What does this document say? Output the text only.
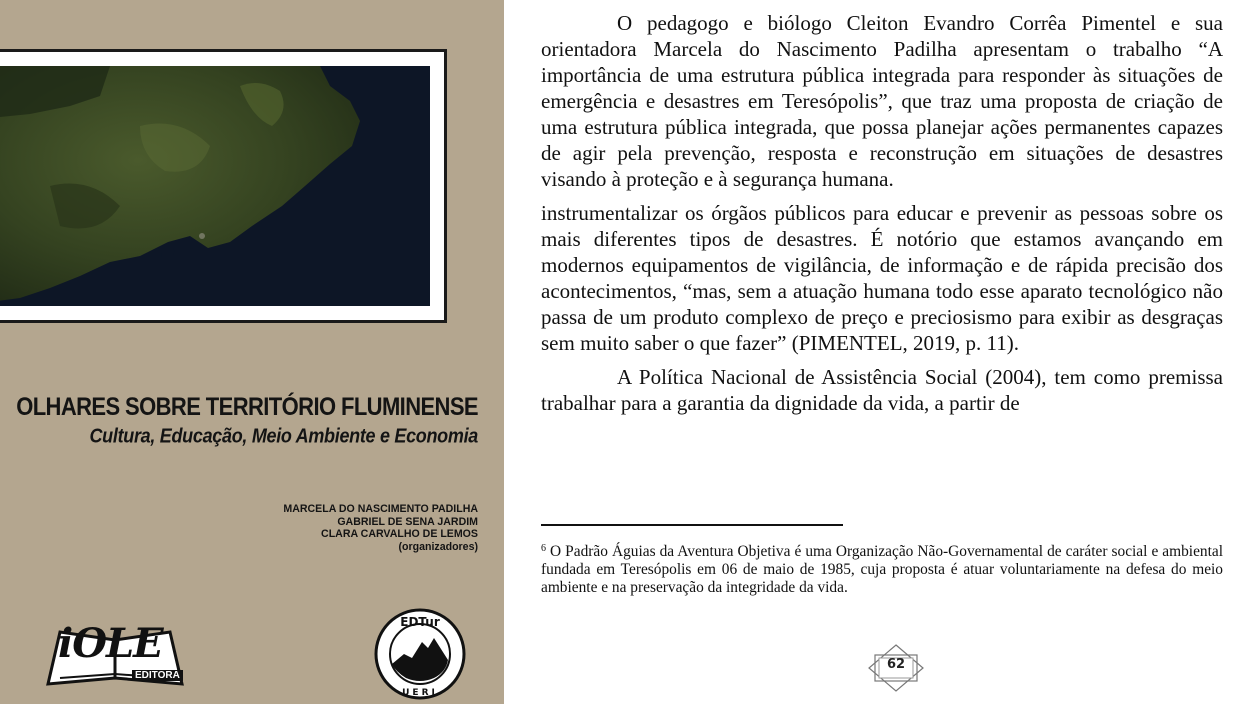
OLHARES SOBRE TERRITÓRIO FLUMINENSE
Cultura, Educação, Meio Ambiente e Economia
MARCELA DO NASCIMENTO PADILHA
GABRIEL DE SENA JARDIM
CLARA CARVALHO DE LEMOS
(organizadores)
iOLE
EDITORA
EDTur
UERJ

O pedagogo e biólogo Cleiton Evandro Corrêa Pimentel e sua orientadora Marcela do Nascimento Padilha apresentam o trabalho “A importância de uma estrutura pública integrada para responder às situações de emergência e desastres em Teresópolis”, que traz uma proposta de criação de uma estrutura pública integrada, que possa planejar ações permanentes capazes de agir pela prevenção, resposta e reconstrução em situações de desastres visando à proteção e à segurança humana.

instrumentalizar os órgãos públicos para educar e prevenir as pessoas sobre os mais diferentes tipos de desastres. É notório que estamos avançando em modernos equipamentos de vigilância, de informação e de rápida precisão dos acontecimentos, “mas, sem a atuação humana todo esse aparato tecnológico não passa de um produto complexo de preço e preciosismo para exibir as desgraças sem muito saber o que fazer” (PIMENTEL, 2019, p. 11).

A Política Nacional de Assistência Social (2004), tem como premissa trabalhar para a garantia da dignidade da vida, a partir de

$^6$ O Padrão Águias da Aventura Objetiva é uma Organização Não-Governamental de caráter social e ambiental fundada em Teresópolis em 06 de maio de 1985, cuja proposta é atuar voluntariamente na defesa do meio ambiente e na preservação da integridade da vida.

62
